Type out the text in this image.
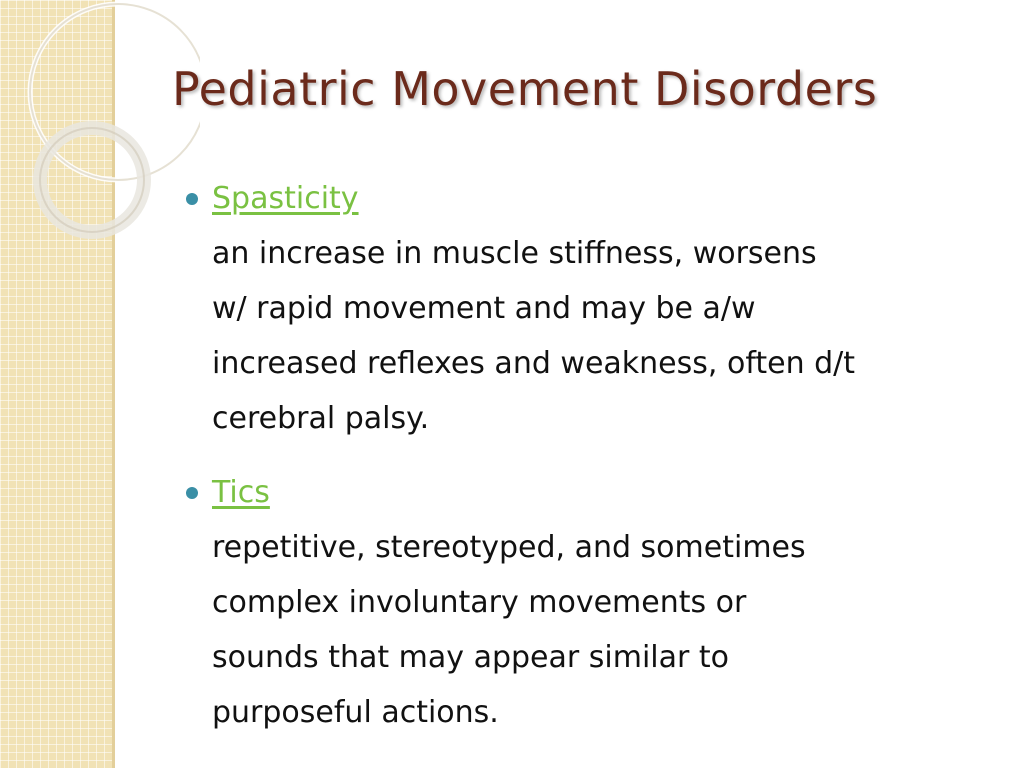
Pediatric Movement Disorders
Spasticity
an increase in muscle stiffness, worsens
w/ rapid movement and may be a/w
increased reflexes and weakness, often d/t
cerebral palsy.
Tics
repetitive, stereotyped, and sometimes
complex involuntary movements or
sounds that may appear similar to
purposeful actions.
